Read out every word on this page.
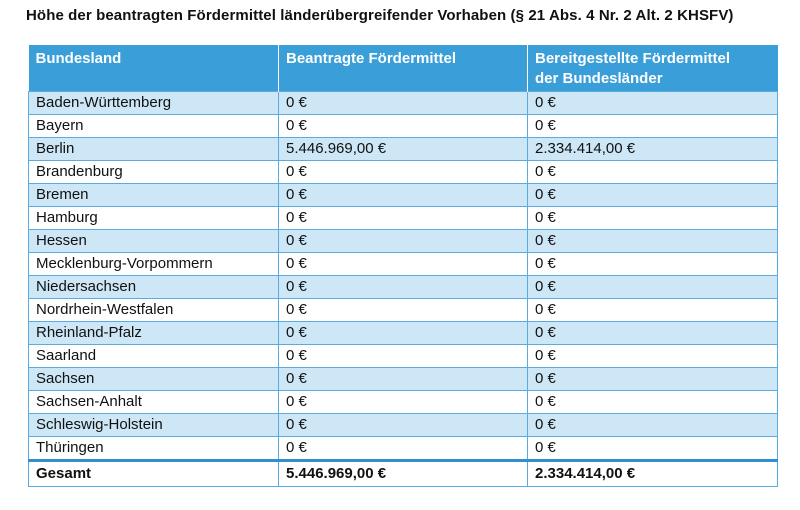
Höhe der beantragten Fördermittel länderübergreifender Vorhaben (§ 21 Abs. 4 Nr. 2 Alt. 2 KHSFV)
Bundesland	Beantragte Fördermittel	Bereitgestellte Fördermittel
der Bundesländer
Baden-Württemberg	0 €	0 €
Bayern	0 €	0 €
Berlin	5.446.969,00 €	2.334.414,00 €
Brandenburg	0 €	0 €
Bremen	0 €	0 €
Hamburg	0 €	0 €
Hessen	0 €	0 €
Mecklenburg-Vorpommern	0 €	0 €
Niedersachsen	0 €	0 €
Nordrhein-Westfalen	0 €	0 €
Rheinland-Pfalz	0 €	0 €
Saarland	0 €	0 €
Sachsen	0 €	0 €
Sachsen-Anhalt	0 €	0 €
Schleswig-Holstein	0 €	0 €
Thüringen	0 €	0 €
Gesamt	5.446.969,00 €	2.334.414,00 €
